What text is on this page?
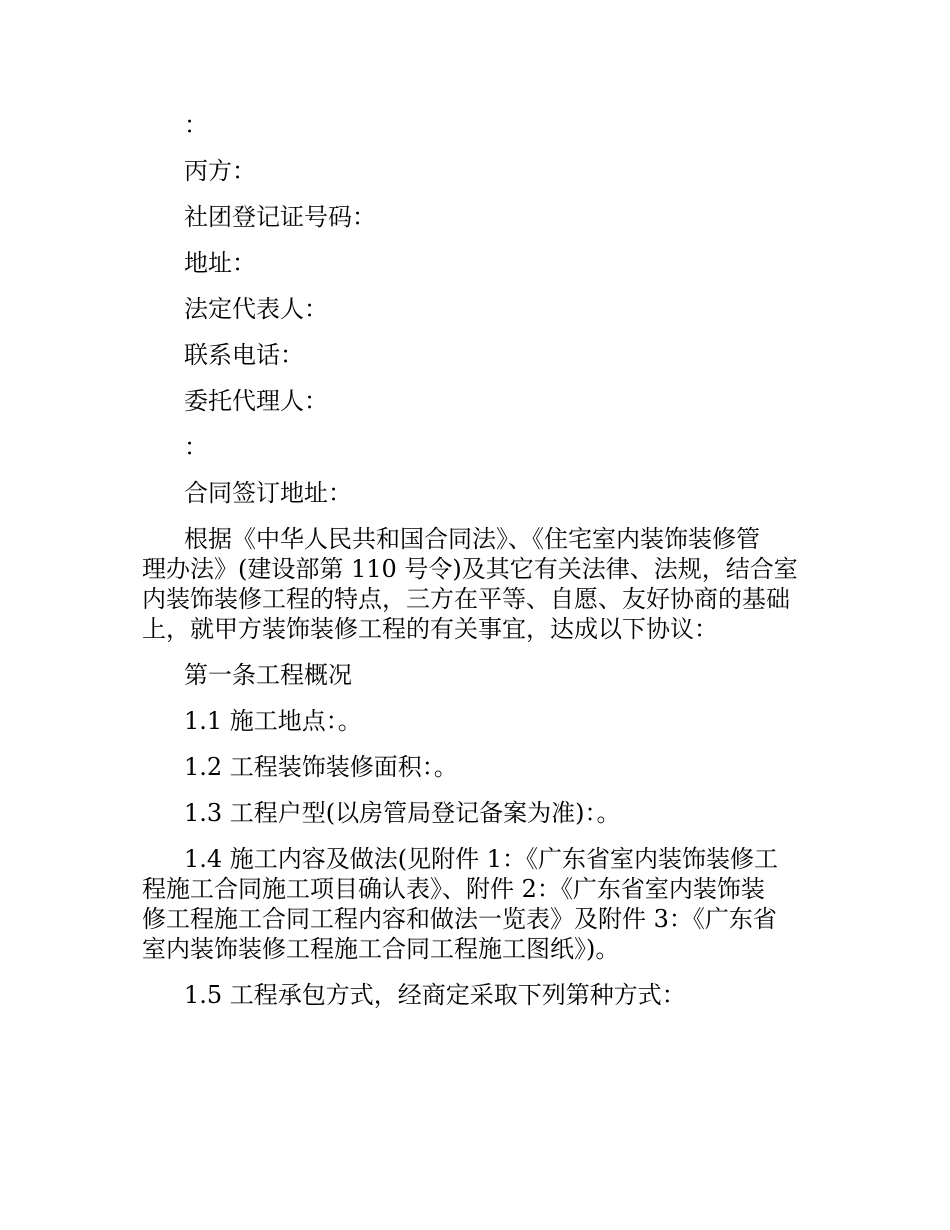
：

丙方：

社团登记证号码：

地址：

法定代表人：

联系电话：

委托代理人：

：

合同签订地址：

根据《中华人民共和国合同法》、《住宅室内装饰装修管

理办法》(建设部第 110 号令)及其它有关法律、法规，结合室

内装饰装修工程的特点，三方在平等、自愿、友好协商的基础

上，就甲方装饰装修工程的有关事宜，达成以下协议：

第一条工程概况

1.1 施工地点：。

1.2 工程装饰装修面积：。

1.3 工程户型(以房管局登记备案为准)：。

1.4 施工内容及做法(见附件 1：《广东省室内装饰装修工

程施工合同施工项目确认表》、附件 2：《广东省室内装饰装

修工程施工合同工程内容和做法一览表》及附件 3：《广东省

室内装饰装修工程施工合同工程施工图纸》)。

1.5 工程承包方式，经商定采取下列第种方式：
